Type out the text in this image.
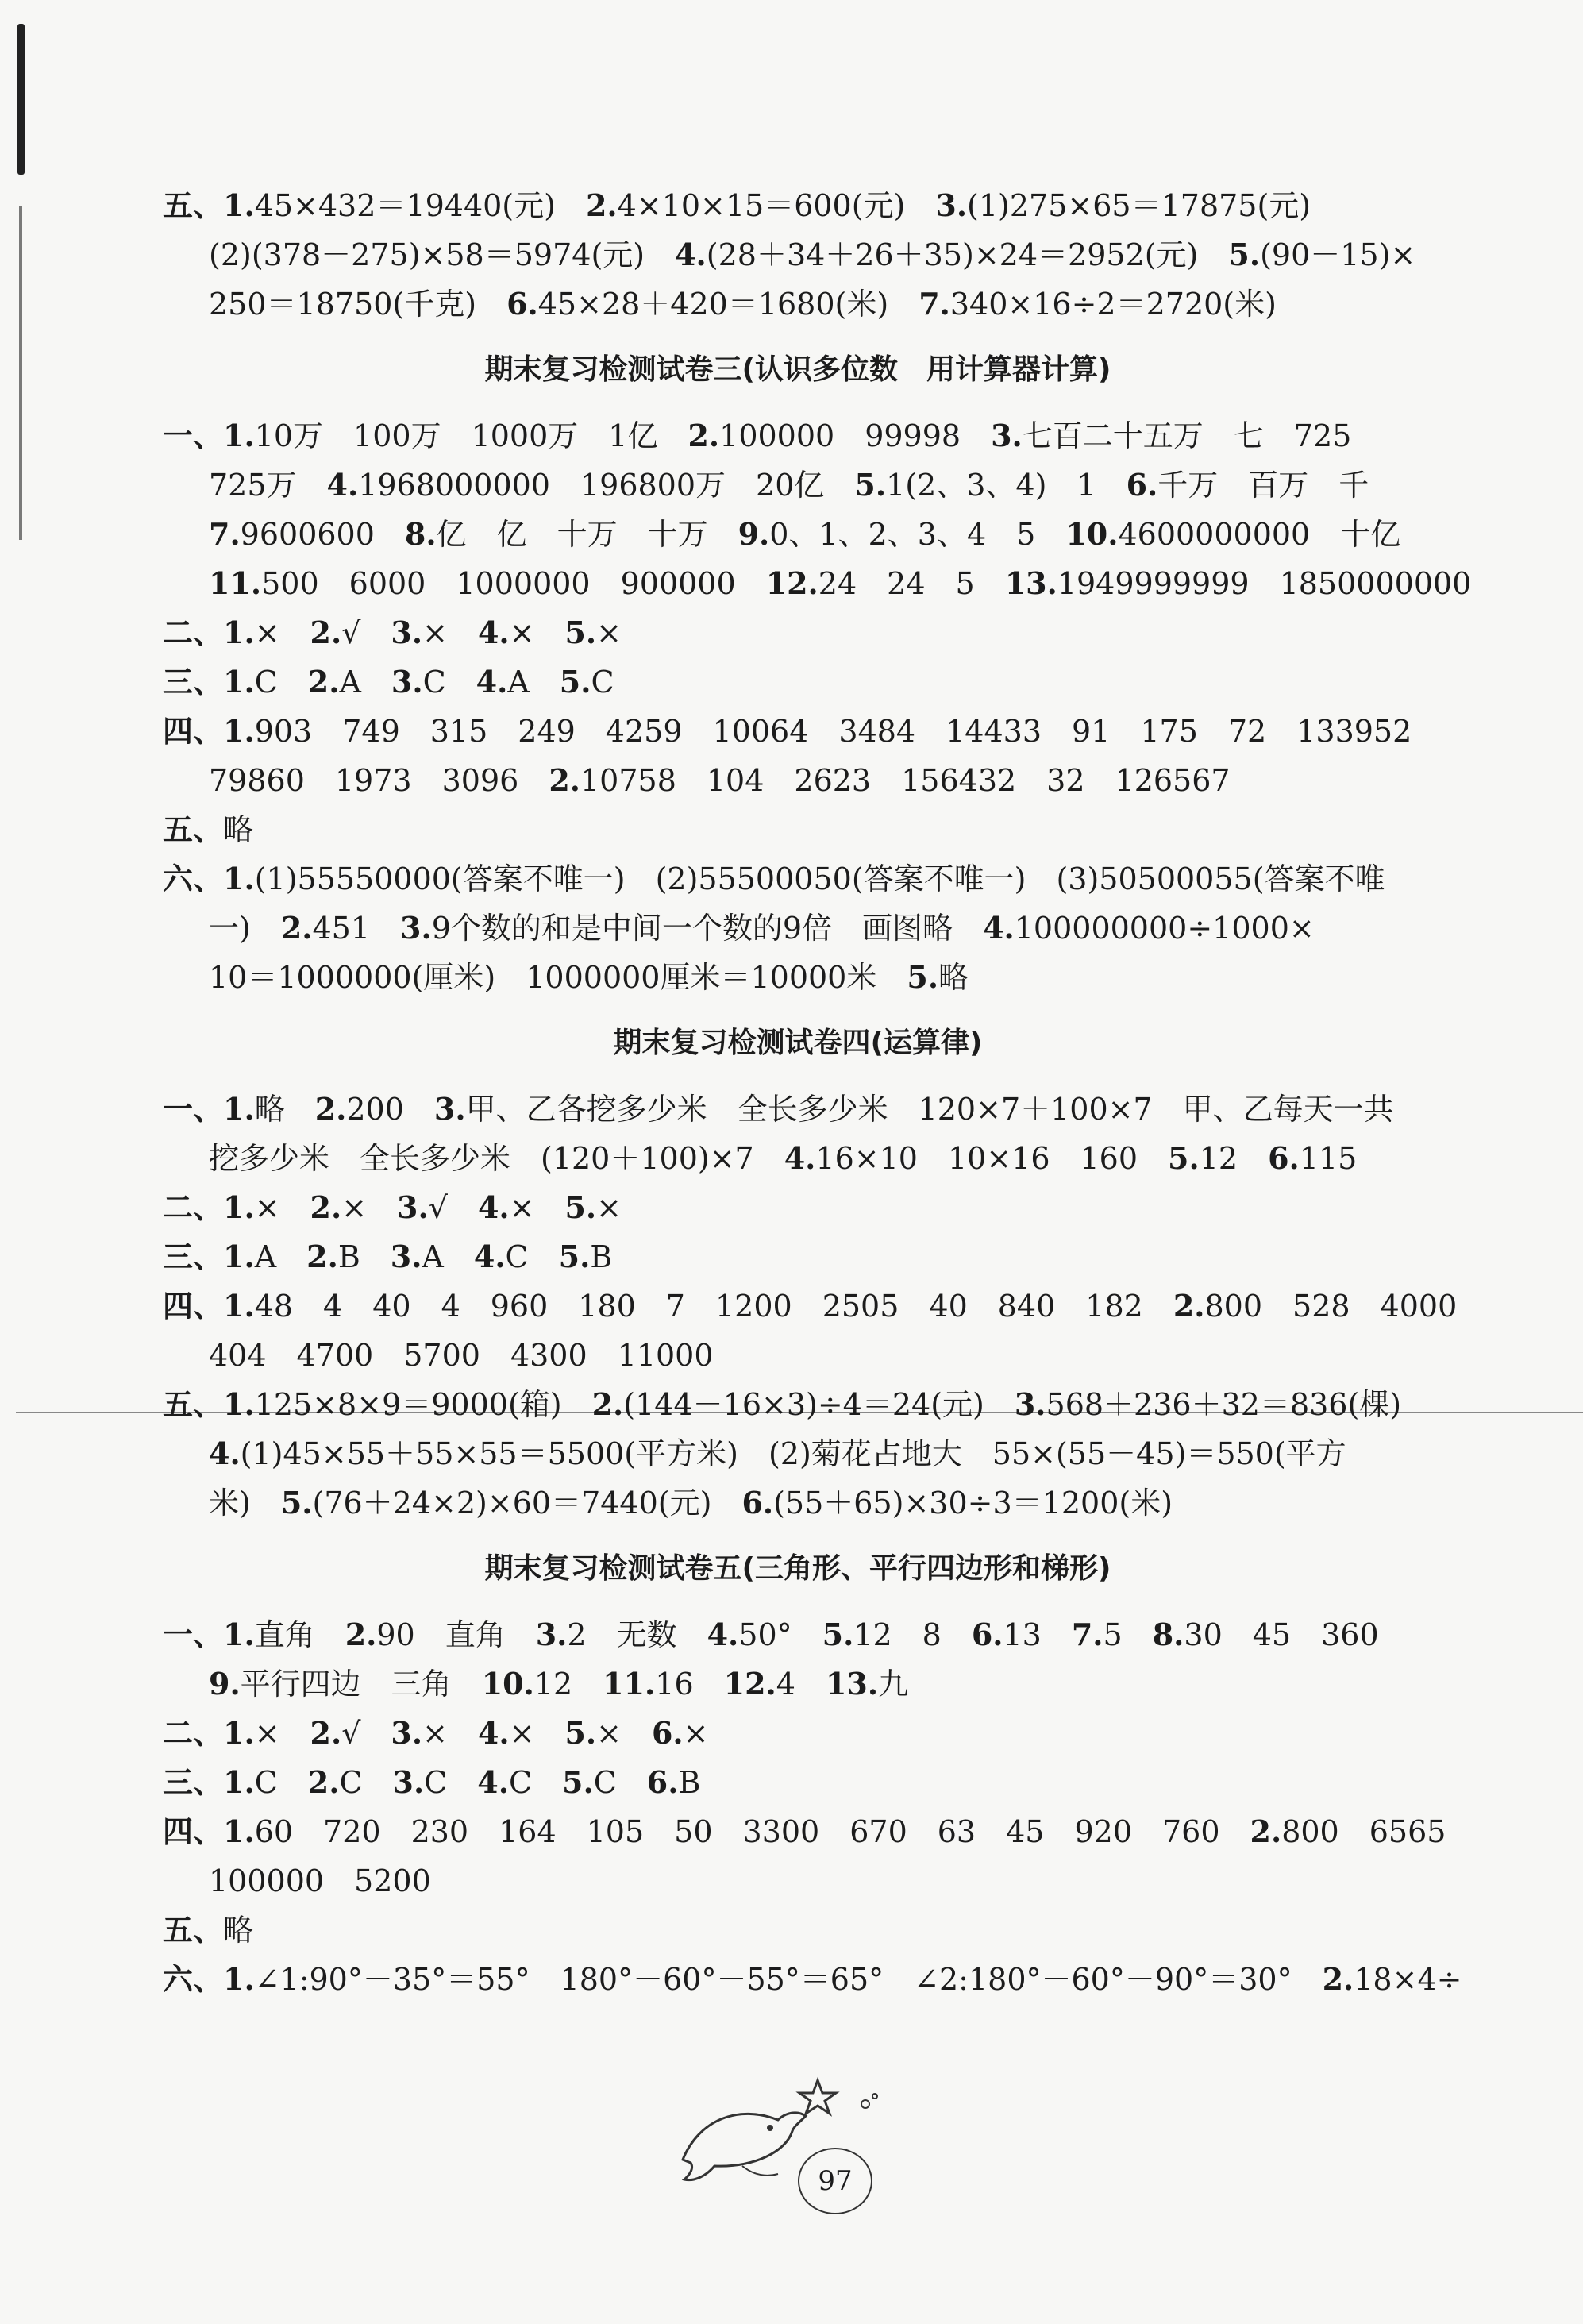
五、1.45×432＝19440(元)　2.4×10×15＝600(元)　3.(1)275×65＝17875(元)
(2)(378－275)×58＝5974(元)　4.(28＋34＋26＋35)×24＝2952(元)　5.(90－15)×
250＝18750(千克)　6.45×28＋420＝1680(米)　7.340×16÷2＝2720(米)
期末复习检测试卷三(认识多位数　用计算器计算)
一、1.10万　100万　1000万　1亿　2.100000　99998　3.七百二十五万　七　725
725万　4.1968000000　196800万　20亿　5.1(2、3、4)　1　6.千万　百万　千
7.9600600　8.亿　亿　十万　十万　9.0、1、2、3、4　5　10.4600000000　十亿
11.500　6000　1000000　900000　12.24　24　5　13.1949999999　1850000000
二、1.×　2.√　3.×　4.×　5.×
三、1.C　2.A　3.C　4.A　5.C
四、1.903　749　315　249　4259　10064　3484　14433　91　175　72　133952
79860　1973　3096　2.10758　104　2623　156432　32　126567
五、略
六、1.(1)55550000(答案不唯一)　(2)55500050(答案不唯一)　(3)50500055(答案不唯
一)　2.451　3.9个数的和是中间一个数的9倍　画图略　4.100000000÷1000×
10＝1000000(厘米)　1000000厘米＝10000米　5.略
期末复习检测试卷四(运算律)
一、1.略　2.200　3.甲、乙各挖多少米　全长多少米　120×7＋100×7　甲、乙每天一共
挖多少米　全长多少米　(120＋100)×7　4.16×10　10×16　160　5.12　6.115
二、1.×　2.×　3.√　4.×　5.×
三、1.A　2.B　3.A　4.C　5.B
四、1.48　4　40　4　960　180　7　1200　2505　40　840　182　2.800　528　4000
404　4700　5700　4300　11000
五、1.125×8×9＝9000(箱)　2.(144－16×3)÷4＝24(元)　3.568＋236＋32＝836(棵)
4.(1)45×55＋55×55＝5500(平方米)　(2)菊花占地大　55×(55－45)＝550(平方
米)　5.(76＋24×2)×60＝7440(元)　6.(55＋65)×30÷3＝1200(米)
期末复习检测试卷五(三角形、平行四边形和梯形)
一、1.直角　2.90　直角　3.2　无数　4.50°　5.12　8　6.13　7.5　8.30　45　360
9.平行四边　三角　10.12　11.16　12.4　13.九
二、1.×　2.√　3.×　4.×　5.×　6.×
三、1.C　2.C　3.C　4.C　5.C　6.B
四、1.60　720　230　164　105　50　3300　670　63　45　920　760　2.800　6565
100000　5200
五、略
六、1.∠1:90°－35°＝55°　180°－60°－55°＝65°　∠2:180°－60°－90°＝30°　2.18×4÷
97
